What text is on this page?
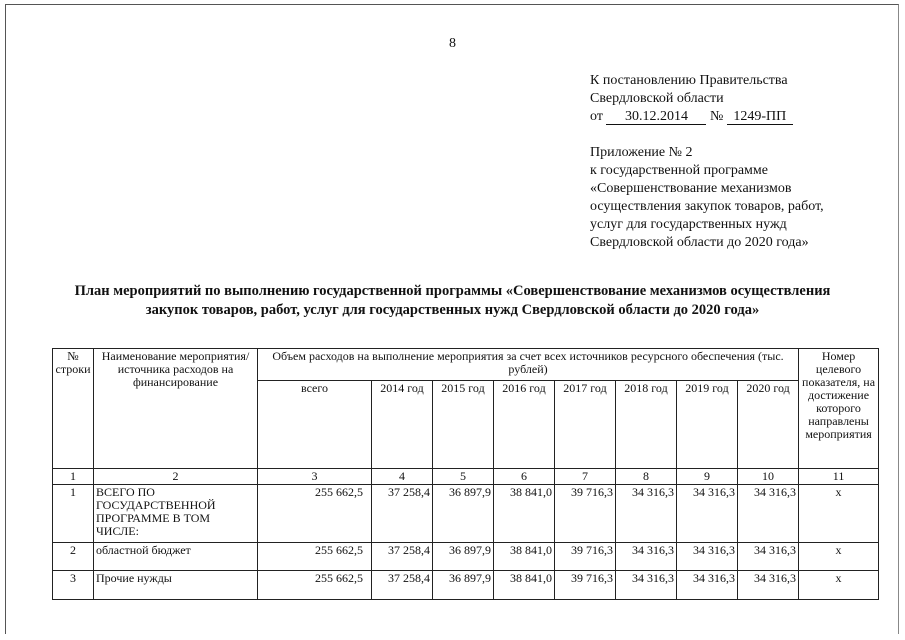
8
К постановлению Правительства
Свердловской области
от 30.12.2014 № 1249-ПП
Приложение № 2
к государственной программе
«Совершенствование механизмов
осуществления закупок товаров, работ,
услуг для государственных нужд
Свердловской области до 2020 года»
План мероприятий по выполнению государственной программы «Совершенствование механизмов осуществления
закупок товаров, работ, услуг для государственных нужд Свердловской области до 2020 года»
№ строки	Наименование мероприятия/источника расходов на финансирование	Объем расходов на выполнение мероприятия за счет всех источников ресурсного обеспечения (тыс. рублей)								Номер целевого показателя, на достижение которого направлены мероприятия
		всего	2014 год	2015 год	2016 год	2017 год	2018 год	2019 год	2020 год	
1	2	3	4	5	6	7	8	9	10	11
1	ВСЕГО ПО ГОСУДАРСТВЕННОЙ ПРОГРАММЕ В ТОМ ЧИСЛЕ:	255 662,5	37 258,4	36 897,9	38 841,0	39 716,3	34 316,3	34 316,3	34 316,3	х
2	областной бюджет	255 662,5	37 258,4	36 897,9	38 841,0	39 716,3	34 316,3	34 316,3	34 316,3	х
3	Прочие нужды	255 662,5	37 258,4	36 897,9	38 841,0	39 716,3	34 316,3	34 316,3	34 316,3	х
